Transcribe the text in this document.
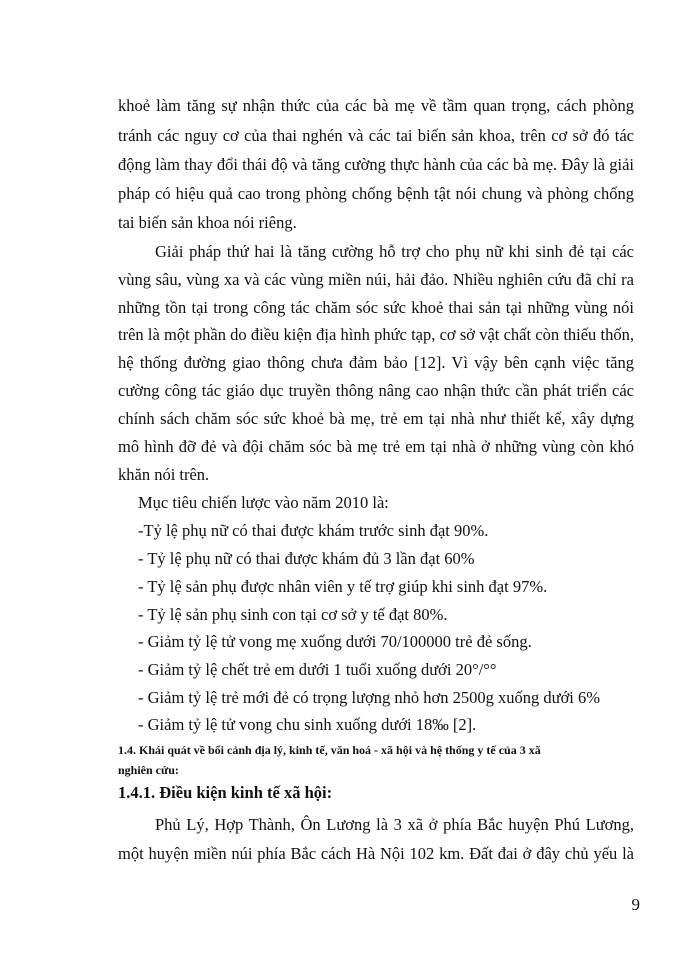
khoẻ làm tăng sự nhận thức của các bà mẹ về tầm quan trọng, cách phòng
tránh các nguy cơ của thai nghén và các tai biến sản khoa, trên cơ sở đó tác
động làm thay đổi thái độ và tăng cường thực hành của các bà mẹ. Đây là giải
pháp có hiệu quả cao trong phòng chống bệnh tật nói chung và phòng chống
tai biến sản khoa nói riêng.
Giải pháp thứ hai là tăng cường hỗ trợ cho phụ nữ khi sinh đẻ tại các
vùng sâu, vùng xa và các vùng miền núi, hải đảo. Nhiều nghiên cứu đã chỉ ra
những tồn tại trong công tác chăm sóc sức khoẻ thai sản tại những vùng nói
trên là một phần do điều kiện địa hình phức tạp, cơ sở vật chất còn thiếu thốn,
hệ thống đường giao thông chưa đảm bảo [12]. Vì vậy bên cạnh việc tăng
cường công tác giáo dục truyền thông nâng cao nhận thức cần phát triển các
chính sách chăm sóc sức khoẻ bà mẹ, trẻ em tại nhà như thiết kế, xây dựng
mô hình đỡ đẻ và đội chăm sóc bà mẹ trẻ em tại nhà ở những vùng còn khó
khăn nói trên.
Mục tiêu chiến lược vào năm 2010 là:
-Tỷ lệ phụ nữ có thai được khám trước sinh đạt 90%.
- Tỷ lệ phụ nữ có thai được khám đủ 3 lần đạt 60%
- Tỷ lệ sản phụ được nhân viên y tế trợ giúp khi sinh đạt 97%.
- Tỷ lệ sản phụ sinh con tại cơ sở y tế đạt 80%.
- Giảm tỷ lệ tử vong mẹ xuống dưới 70/100000 trẻ đẻ sống.
- Giảm tỷ lệ chết trẻ em dưới 1 tuổi xuống dưới 20°/°°
- Giảm tỷ lệ trẻ mới đẻ có trọng lượng nhỏ hơn 2500g xuống dưới 6%
- Giảm tỷ lệ tử vong chu sinh xuống dưới 18‰ [2].
1.4. Khái quát về bối cảnh địa lý, kinh tế, văn hoá - xã hội và hệ thống y tế của 3 xã
nghiên cứu:
1.4.1. Điều kiện kinh tế xã hội:
Phủ Lý, Hợp Thành, Ôn Lương là 3 xã ở phía Bắc huyện Phú Lương,
một huyện miền núi phía Bắc cách Hà Nội 102 km. Đất đai ở đây chủ yếu là
9
